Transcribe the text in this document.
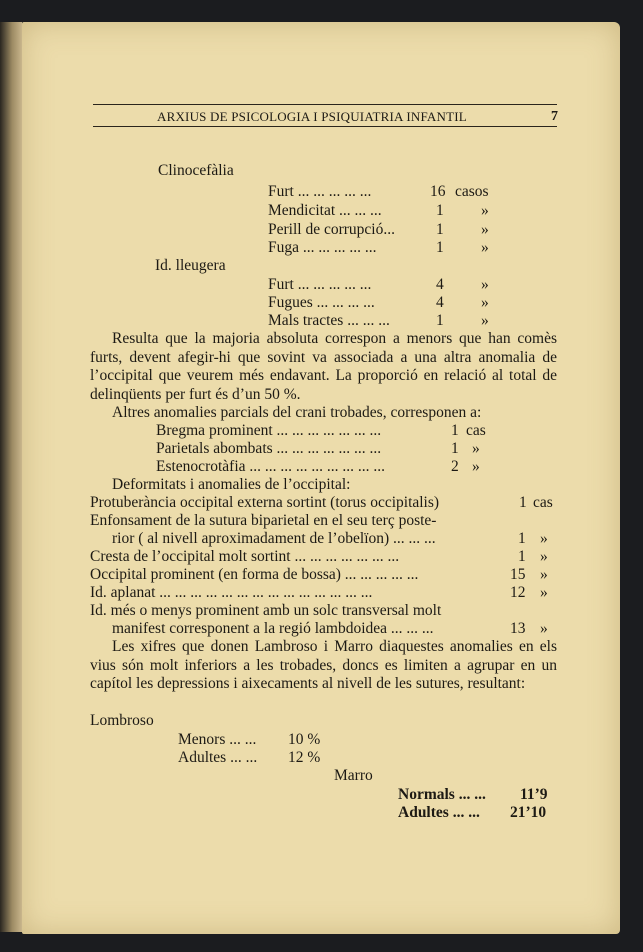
ARXIUS DE PSICOLOGIA I PSIQUIATRIA INFANTIL	7
Clinocefàlia
Furt ... ... ... ... ...	16 casos
Mendicitat ... ... ...	1 »
Perill de corrupció...	1 »
Fuga ... ... ... ... ...	1 »
Id. lleugera
Furt ... ... ... ... ...	4 »
Fugues ... ... ... ...	4 »
Mals tractes ... ... ...	1 »
Resulta que la majoria absoluta correspon a menors que han comès furts, devent afegir-hi que sovint va associada a una altra anomalia de l’occipital que veurem més endavant. La proporció en relació al total de delinqüents per furt és d’un 50 %.
Altres anomalies parcials del crani trobades, corresponen a:
Bregma prominent ... ... ... ... ... ... ...	1 cas
Parietals abombats ... ... ... ... ... ... ...	1 »
Estenocrotàfia ... ... ... ... ... ... ... ... ...	2 »
Deformitats i anomalies de l’occipital:
Protuberància occipital externa sortint (torus occipitalis)	1 cas
Enfonsament de la sutura biparietal en el seu terç poste-
rior ( al nivell aproximadament de l’obelïon) ... ... ...	1 »
Cresta de l’occipital molt sortint ... ... ... ... ... ... ...	1 »
Occipital prominent (en forma de bossa) ... ... ... ... ...	15 »
Id. aplanat ... ... ... ... ... ... ... ... ... ... ... ... ... ...	12 »
Id. més o menys prominent amb un solc transversal molt
manifest corresponent a la regió lambdoidea ... ... ...	13 »
Les xifres que donen Lambroso i Marro diaquestes anomalies en els vius són molt inferiors a les trobades, doncs es limiten a agrupar en un capítol les depressions i aixecaments al nivell de les sutures, resultant:
Lombroso
Menors ... ... 10 %
Adultes ... ... 12 %
Marro
Normals ... ... 11’9
Adultes ... ... 21’10
